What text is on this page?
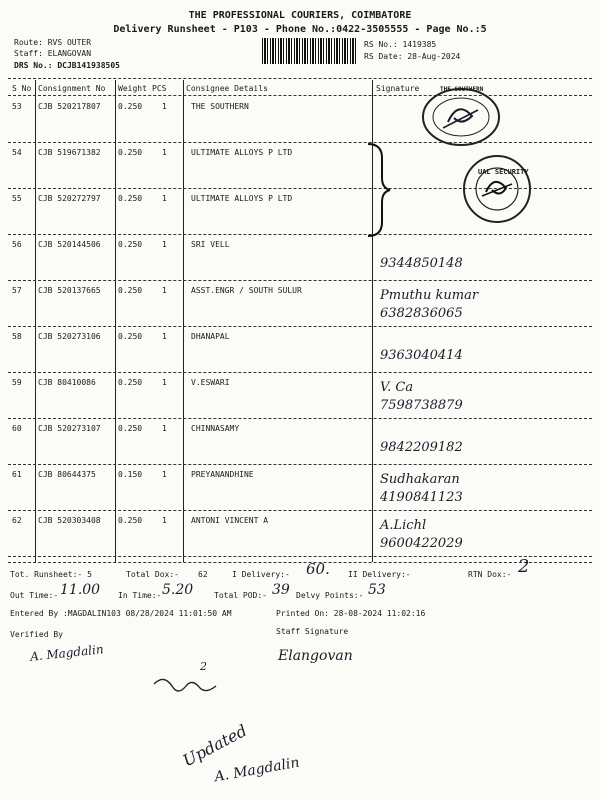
THE PROFESSIONAL COURIERS, COIMBATORE
Delivery Runsheet - P103 - Phone No.:0422-3505555 - Page No.:5
Route: RVS OUTER
Staff: ELANGOVAN
DRS No.: DCJB141938505
RS No.: 1419385
RS Date: 28-Aug-2024
S No Consignment No Weight PCS Consignee Details	Signature
53 CJB 520217807 0.250 1	THE SOUTHERN
54 CJB 519671382 0.250 1	ULTIMATE ALLOYS P LTD
55 CJB 520272797 0.250 1	ULTIMATE ALLOYS P LTD
56 CJB 520144506 0.250 1	SRI VELL
9344850148
57 CJB 520137665 0.250 1	ASST.ENGR / SOUTH SULUR	Pmuthu kumar
6382836065
58 CJB 520273106 0.250 1	DHANAPAL
9363040414
59 CJB 80410086	0.250 1	V.ESWARI	V. Ca
7598738879
60 CJB 520273107 0.250 1	CHINNASAMY
9842209182
61 CJB 80644375	0.150 1	PREYANANDHINE	Sudhakaran
4190841123
62 CJB 520303408 0.250 1	ANTONI VINCENT A	A.Lichl
9600422029
THE SOUTHERN
UAL SECURITY
Tot. Runsheet:- 5	Total Dox:- 62	I Delivery:- 60. II Delivery:-	RTN Dox:- 2
Out Time:- 11.00 In Time:- 5.20	Total POD:- 39 Delvy Points:- 53
Entered By :MAGDALIN103 08/28/2024 11:01:50 AM	Printed On: 28-08-2024 11:02:16
Verified By	Staff Signature
A. Magdalin
2
Elangovan
Updated
A. Magdalin
